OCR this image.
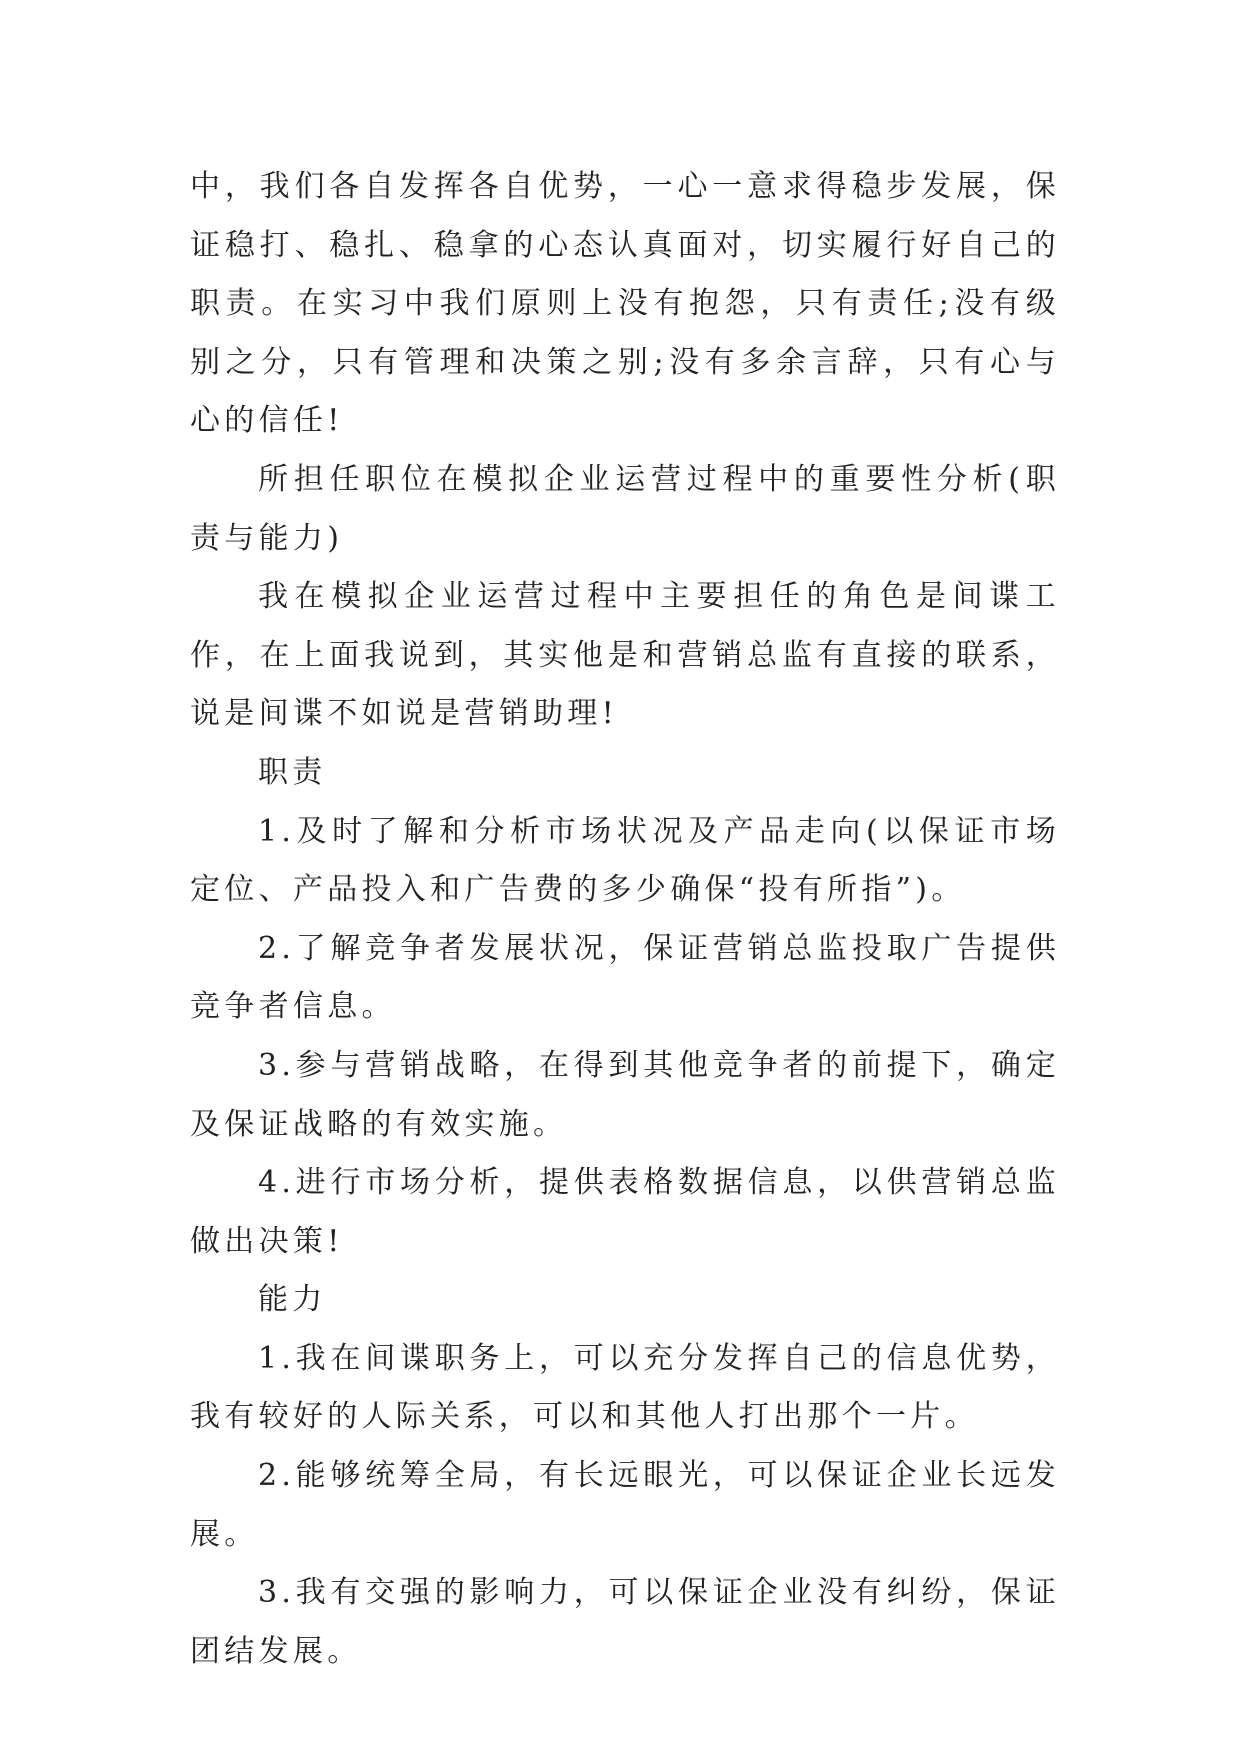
中，我们各自发挥各自优势，一心一意求得稳步发展，保证稳打、稳扎、稳拿的心态认真面对，切实履行好自己的职责。在实习中我们原则上没有抱怨，只有责任;没有级别之分，只有管理和决策之别;没有多余言辞，只有心与心的信任!

所担任职位在模拟企业运营过程中的重要性分析(职责与能力)

我在模拟企业运营过程中主要担任的角色是间谍工作，在上面我说到，其实他是和营销总监有直接的联系，说是间谍不如说是营销助理!

职责

1.及时了解和分析市场状况及产品走向(以保证市场定位、产品投入和广告费的多少确保“投有所指”)。

2.了解竞争者发展状况，保证营销总监投取广告提供竞争者信息。

3.参与营销战略，在得到其他竞争者的前提下，确定及保证战略的有效实施。

4.进行市场分析，提供表格数据信息，以供营销总监做出决策!

能力

1.我在间谍职务上，可以充分发挥自己的信息优势，我有较好的人际关系，可以和其他人打出那个一片。

2.能够统筹全局，有长远眼光，可以保证企业长远发展。

3.我有交强的影响力，可以保证企业没有纠纷，保证团结发展。
